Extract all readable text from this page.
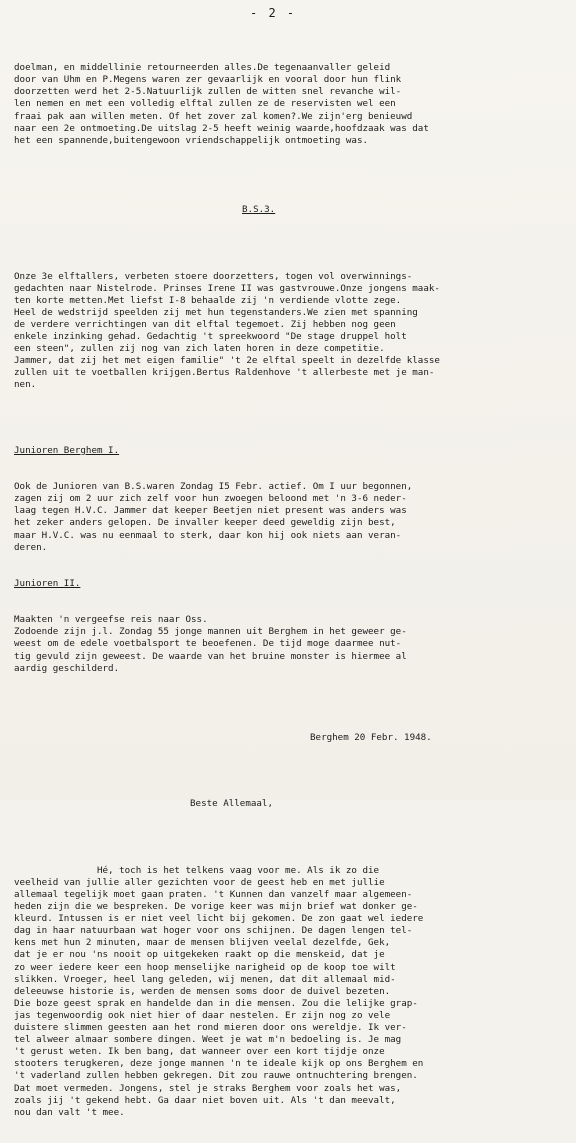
- 2 -

doelman, en middellinie retourneerden alles.De tegenaanvaller geleid
door van Uhm en P.Megens waren zer gevaarlijk en vooral door hun flink
doorzetten werd het 2-5.Natuurlijk zullen de witten snel revanche wil-
len nemen en met een volledig elftal zullen ze de reservisten wel een
fraai pak aan willen meten. Of het zover zal komen?.We zijn'erg benieuwd
naar een 2e ontmoeting.De uitslag 2-5 heeft weinig waarde,hoofdzaak was dat
het een spannende,buitengewoon vriendschappelijk ontmoeting was.

B.S.3.

Onze 3e elftallers, verbeten stoere doorzetters, togen vol overwinnings-
gedachten naar Nistelrode. Prinses Irene II was gastvrouwe.Onze jongens maak-
ten korte metten.Met liefst I-8 behaalde zij 'n verdiende vlotte zege.
Heel de wedstrijd speelden zij met hun tegenstanders.We zien met spanning
de verdere verrichtingen van dit elftal tegemoet. Zij hebben nog geen
enkele inzinking gehad. Gedachtig 't spreekwoord "De stage druppel holt
een steen", zullen zij nog van zich laten horen in deze competitie.
Jammer, dat zij het met eigen familie" 't 2e elftal speelt in dezelfde klasse
zullen uit te voetballen krijgen.Bertus Raldenhove 't allerbeste met je man-
nen.

Junioren Berghem I.

Ook de Junioren van B.S.waren Zondag I5 Febr. actief. Om I uur begonnen,
zagen zij om 2 uur zich zelf voor hun zwoegen beloond met 'n 3-6 neder-
laag tegen H.V.C. Jammer dat keeper Beetjen niet present was anders was
het zeker anders gelopen. De invaller keeper deed geweldig zijn best,
maar H.V.C. was nu eenmaal to sterk, daar kon hij ook niets aan veran-
deren.

Junioren II.

Maakten 'n vergeefse reis naar Oss.
Zodoende zijn j.l. Zondag 55 jonge mannen uit Berghem in het geweer ge-
weest om de edele voetbalsport te beoefenen. De tijd moge daarmee nut-
tig gevuld zijn geweest. De waarde van het bruine monster is hiermee al
aardig geschilderd.

Berghem 20 Febr. 1948.

Beste Allemaal,

Hé, toch is het telkens vaag voor me. Als ik zo die
veelheid van jullie aller gezichten voor de geest heb en met jullie
allemaal tegelijk moet gaan praten. 't Kunnen dan vanzelf maar algemeen-
heden zijn die we bespreken. De vorige keer was mijn brief wat donker ge-
kleurd. Intussen is er niet veel licht bij gekomen. De zon gaat wel iedere
dag in haar natuurbaan wat hoger voor ons schijnen. De dagen lengen tel-
kens met hun 2 minuten, maar de mensen blijven veelal dezelfde, Gek,
dat je er nou 'ns nooit op uitgekeken raakt op die menskeid, dat je
zo weer iedere keer een hoop menselijke narigheid op de koop toe wilt
slikken. Vroeger, heel lang geleden, wij menen, dat dit allemaal mid-
deleeuwse historie is, werden de mensen soms door de duivel bezeten.
Die boze geest sprak en handelde dan in die mensen. Zou die lelijke grap-
jas tegenwoordig ook niet hier of daar nestelen. Er zijn nog zo vele
duistere slimmen geesten aan het rond mieren door ons wereldje. Ik ver-
tel alweer almaar sombere dingen. Weet je wat m'n bedoeling is. Je mag
't gerust weten. Ik ben bang, dat wanneer over een kort tijdje onze
stooters terugkeren, deze jonge mannen 'n te ideale kijk op ons Berghem en
't vaderland zullen hebben gekregen. Dit zou rauwe ontnuchtering brengen.
Dat moet vermeden. Jongens, stel je straks Berghem voor zoals het was,
zoals jij 't gekend hebt. Ga daar niet boven uit. Als 't dan meevalt,
nou dan valt 't mee.
